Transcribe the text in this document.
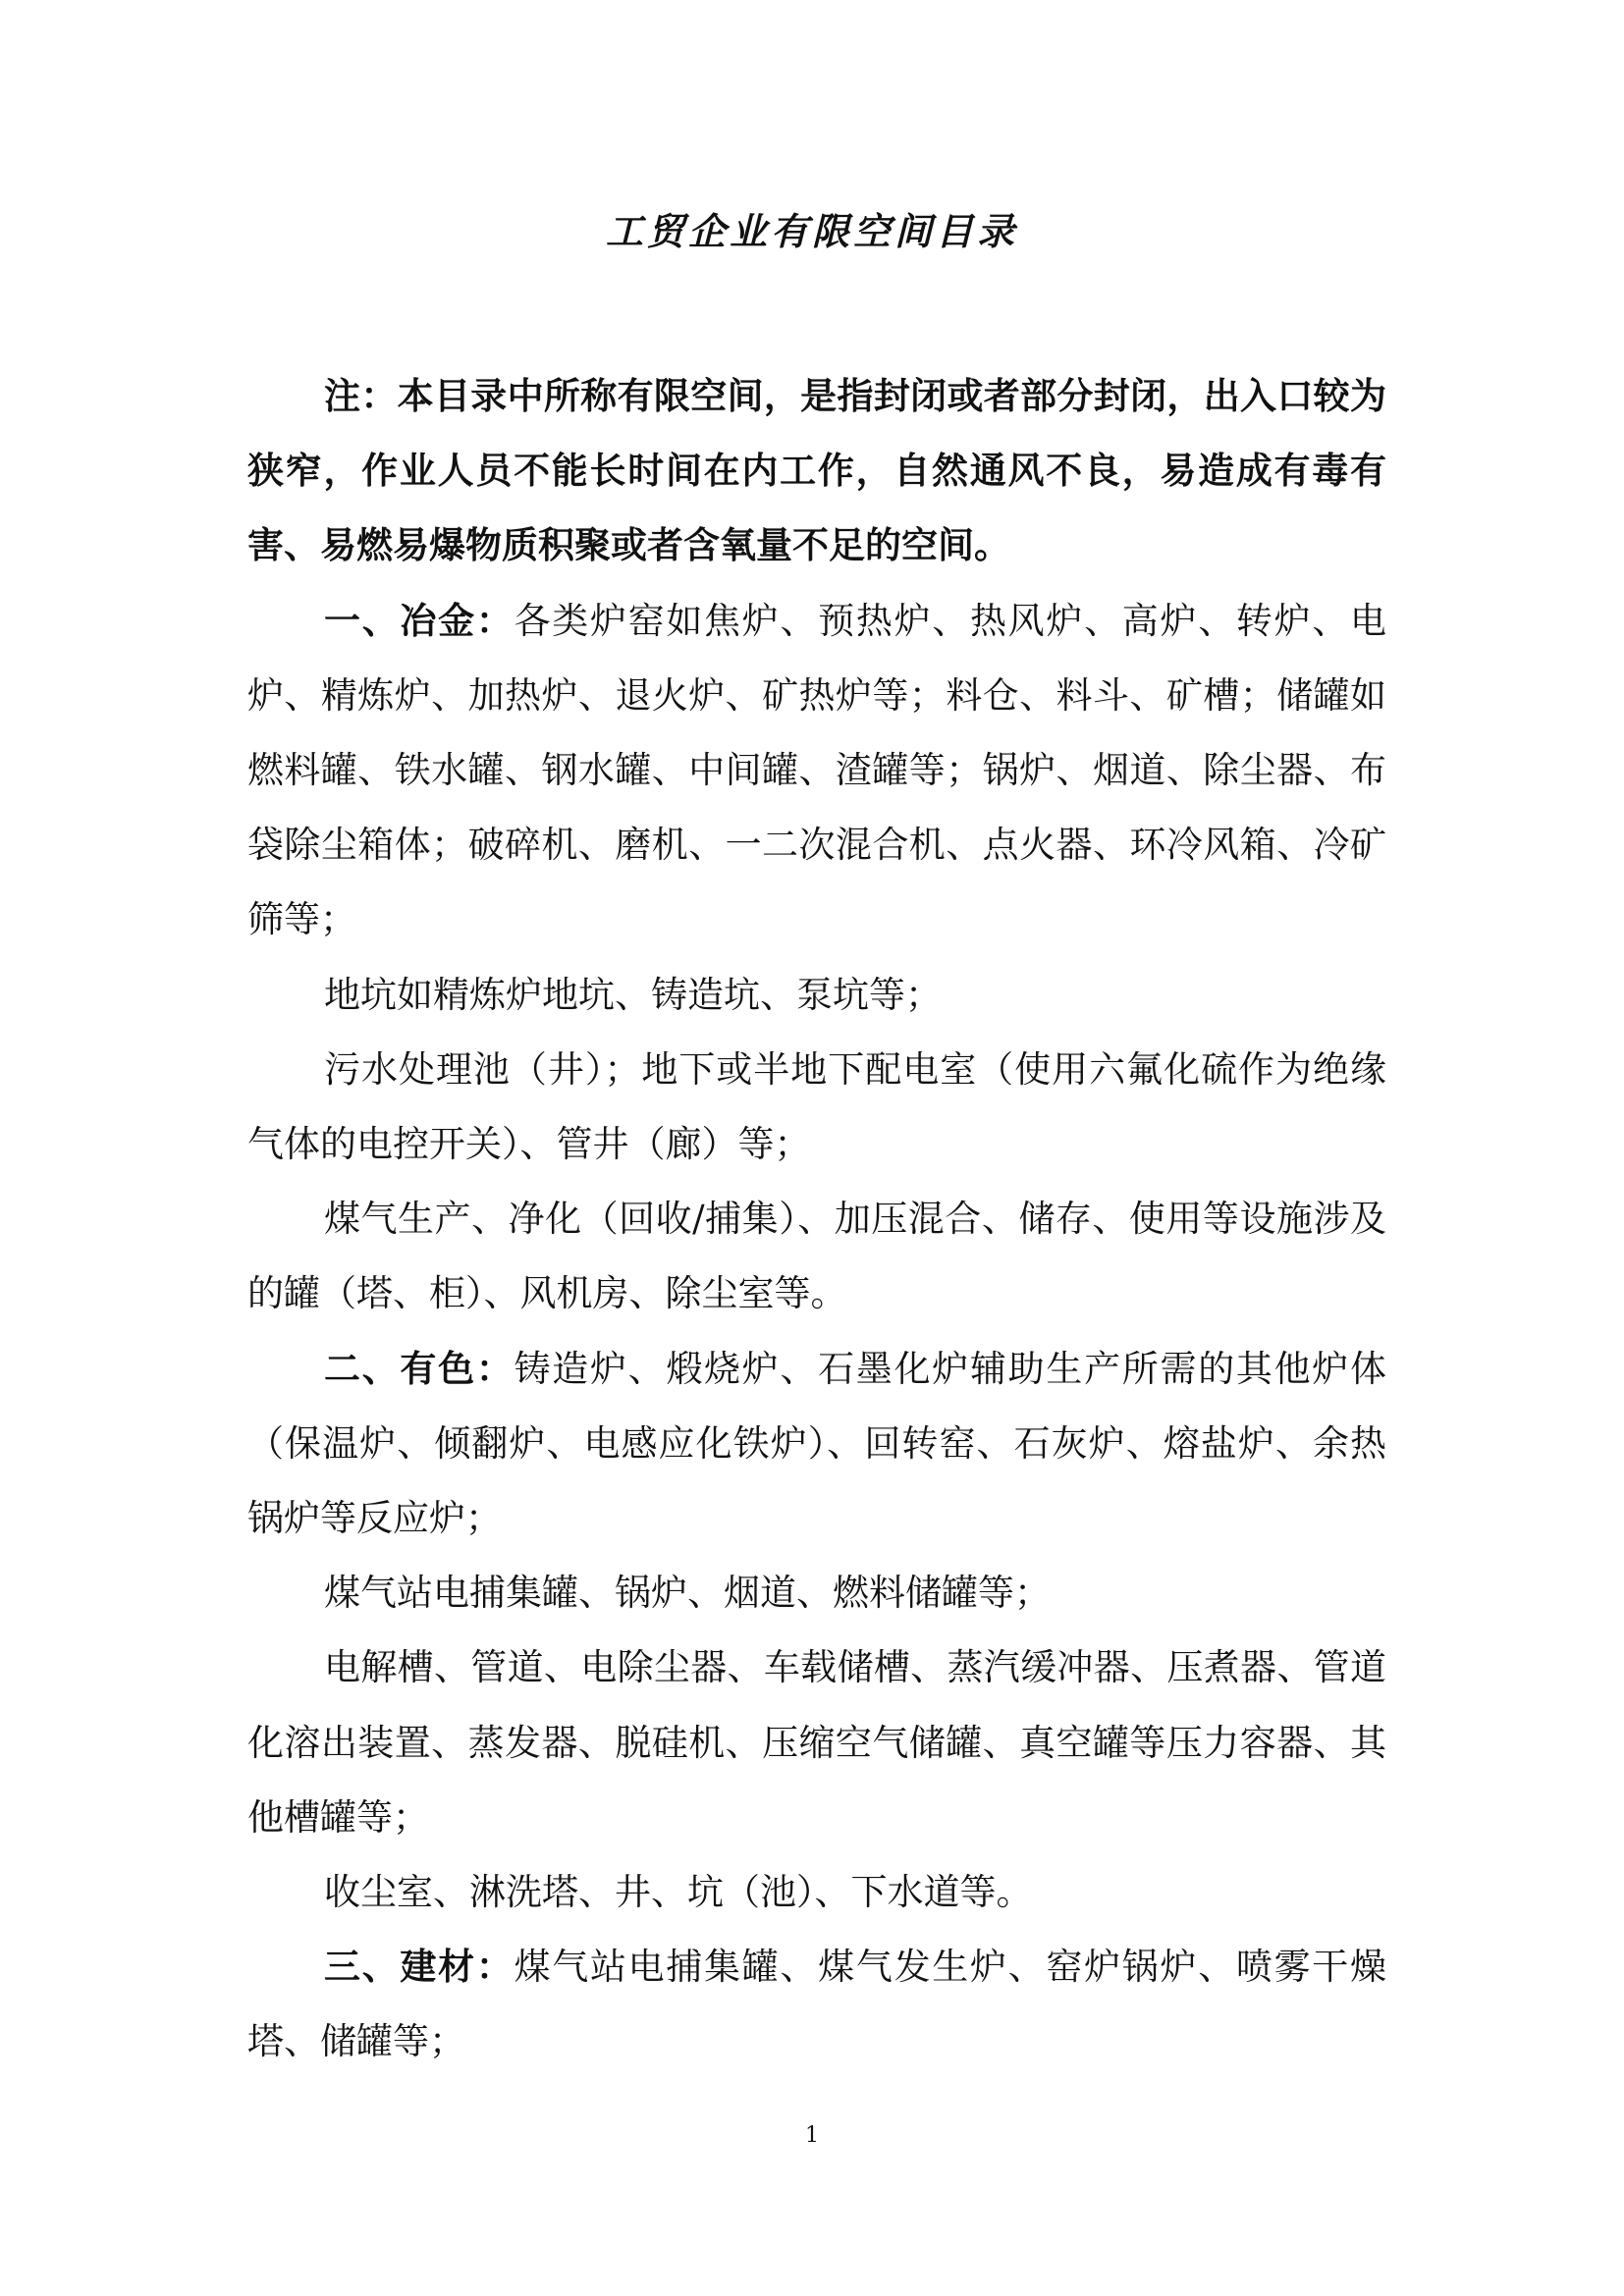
工贸企业有限空间目录

注：本目录中所称有限空间，是指封闭或者部分封闭，出入口较为狭窄，作业人员不能长时间在内工作，自然通风不良，易造成有毒有害、易燃易爆物质积聚或者含氧量不足的空间。

一、冶金：各类炉窑如焦炉、预热炉、热风炉、高炉、转炉、电炉、精炼炉、加热炉、退火炉、矿热炉等；料仓、料斗、矿槽；储罐如燃料罐、铁水罐、钢水罐、中间罐、渣罐等；锅炉、烟道、除尘器、布袋除尘箱体；破碎机、磨机、一二次混合机、点火器、环冷风箱、冷矿筛等；

地坑如精炼炉地坑、铸造坑、泵坑等；

污水处理池（井）；地下或半地下配电室（使用六氟化硫作为绝缘气体的电控开关）、管井（廊）等；

煤气生产、净化（回收/捕集）、加压混合、储存、使用等设施涉及的罐（塔、柜）、风机房、除尘室等。

二、有色：铸造炉、煅烧炉、石墨化炉辅助生产所需的其他炉体（保温炉、倾翻炉、电感应化铁炉）、回转窑、石灰炉、熔盐炉、余热锅炉等反应炉；

煤气站电捕集罐、锅炉、烟道、燃料储罐等；

电解槽、管道、电除尘器、车载储槽、蒸汽缓冲器、压煮器、管道化溶出装置、蒸发器、脱硅机、压缩空气储罐、真空罐等压力容器、其他槽罐等；

收尘室、淋洗塔、井、坑（池）、下水道等。

三、建材：煤气站电捕集罐、煤气发生炉、窑炉锅炉、喷雾干燥塔、储罐等；

1
